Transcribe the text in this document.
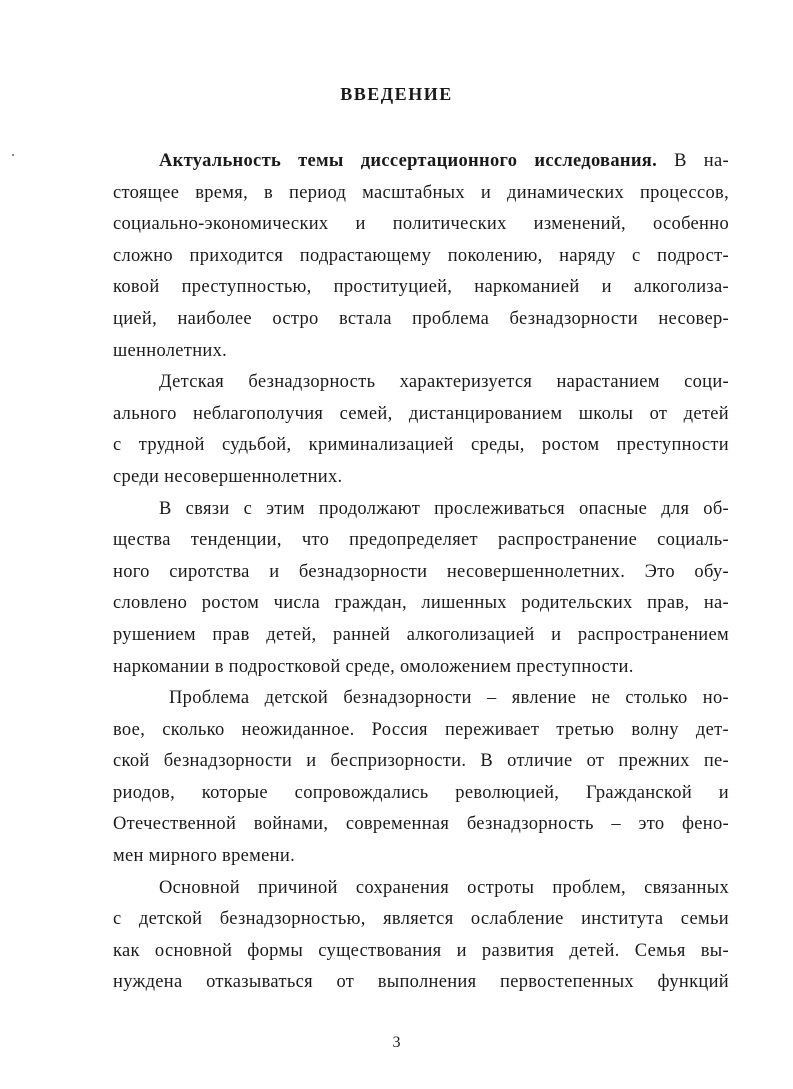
ВВЕДЕНИЕ
Актуальность темы диссертационного исследования. В на-
стоящее время, в период масштабных и динамических процессов,
социально-экономических и политических изменений, особенно
сложно приходится подрастающему поколению, наряду с подрост-
ковой преступностью, проституцией, наркоманией и алкоголиза-
цией, наиболее остро встала проблема безнадзорности несовер-
шеннолетних.
Детская безнадзорность характеризуется нарастанием соци-
ального неблагополучия семей, дистанцированием школы от детей
с трудной судьбой, криминализацией среды, ростом преступности
среди несовершеннолетних.
В связи с этим продолжают прослеживаться опасные для об-
щества тенденции, что предопределяет распространение социаль-
ного сиротства и безнадзорности несовершеннолетних. Это обу-
словлено ростом числа граждан, лишенных родительских прав, на-
рушением прав детей, ранней алкоголизацией и распространением
наркомании в подростковой среде, омоложением преступности.
Проблема детской безнадзорности – явление не столько но-
вое, сколько неожиданное. Россия переживает третью волну дет-
ской безнадзорности и беспризорности. В отличие от прежних пе-
риодов, которые сопровождались революцией, Гражданской и
Отечественной войнами, современная безнадзорность – это фено-
мен мирного времени.
Основной причиной сохранения остроты проблем, связанных
с детской безнадзорностью, является ослабление института семьи
как основной формы существования и развития детей. Семья вы-
нуждена отказываться от выполнения первостепенных функций
3
